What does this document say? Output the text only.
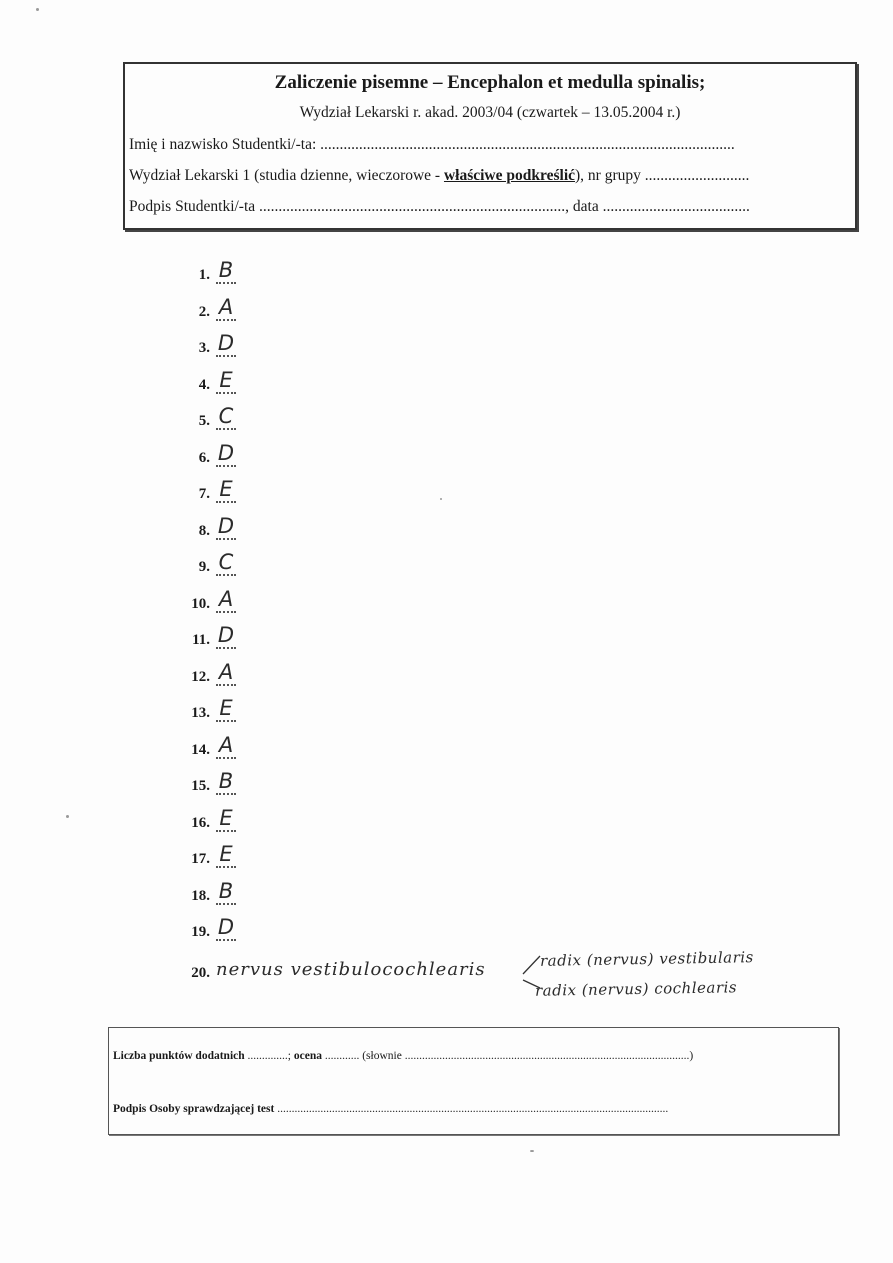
Zaliczenie pisemne – Encephalon et medulla spinalis;
Wydział Lekarski r. akad. 2003/04 (czwartek – 13.05.2004 r.)
Imię i nazwisko Studentki/-ta: ...........................................................................................................
Wydział Lekarski 1 (studia dzienne, wieczorowe - właściwe podkreślić), nr grupy ...........................
Podpis Studentki/-ta ..............................................................................., data ......................................
1. B
2. A
3. D
4. E
5. C
6. D
7. E
8. D
9. C
10. A
11. D
12. A
13. E
14. A
15. B
16. E
17. E
18. B
19. D
20. nervus vestibulocochlearis	radix (nervus) vestibularis
radix (nervus) cochlearis
Liczba punktów dodatnich ..............; ocena ............ (słownie ...................................................................................................)
Podpis Osoby sprawdzającej test ........................................................................................................................................
